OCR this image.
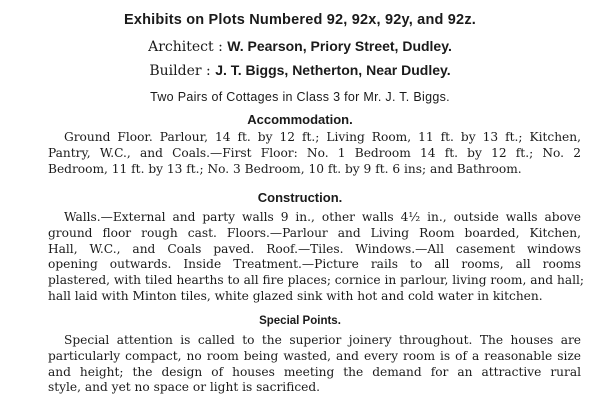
Exhibits on Plots Numbered 92, 92x, 92y, and 92z.

Architect : W. Pearson, Priory Street, Dudley.

Builder : J. T. Biggs, Netherton, Near Dudley.

Two Pairs of Cottages in Class 3 for Mr. J. T. Biggs.

Accommodation.

Ground Floor. Parlour, 14 ft. by 12 ft.; Living Room, 11 ft. by 13 ft.; Kitchen,
Pantry, W.C., and Coals.—First Floor: No. 1 Bedroom 14 ft. by 12 ft.; No. 2
Bedroom, 11 ft. by 13 ft.; No. 3 Bedroom, 10 ft. by 9 ft. 6 ins; and Bathroom.

Construction.

Walls.—External and party walls 9 in., other walls 4½ in., outside walls above
ground floor rough cast. Floors.—Parlour and Living Room boarded, Kitchen,
Hall, W.C., and Coals paved. Roof.—Tiles. Windows.—All casement windows
opening outwards. Inside Treatment.—Picture rails to all rooms, all rooms
plastered, with tiled hearths to all fire places; cornice in parlour, living room, and hall;
hall laid with Minton tiles, white glazed sink with hot and cold water in kitchen.

Special Points.

Special attention is called to the superior joinery throughout. The houses are
particularly compact, no room being wasted, and every room is of a reasonable size
and height; the design of houses meeting the demand for an attractive rural
style, and yet no space or light is sacrificed.
